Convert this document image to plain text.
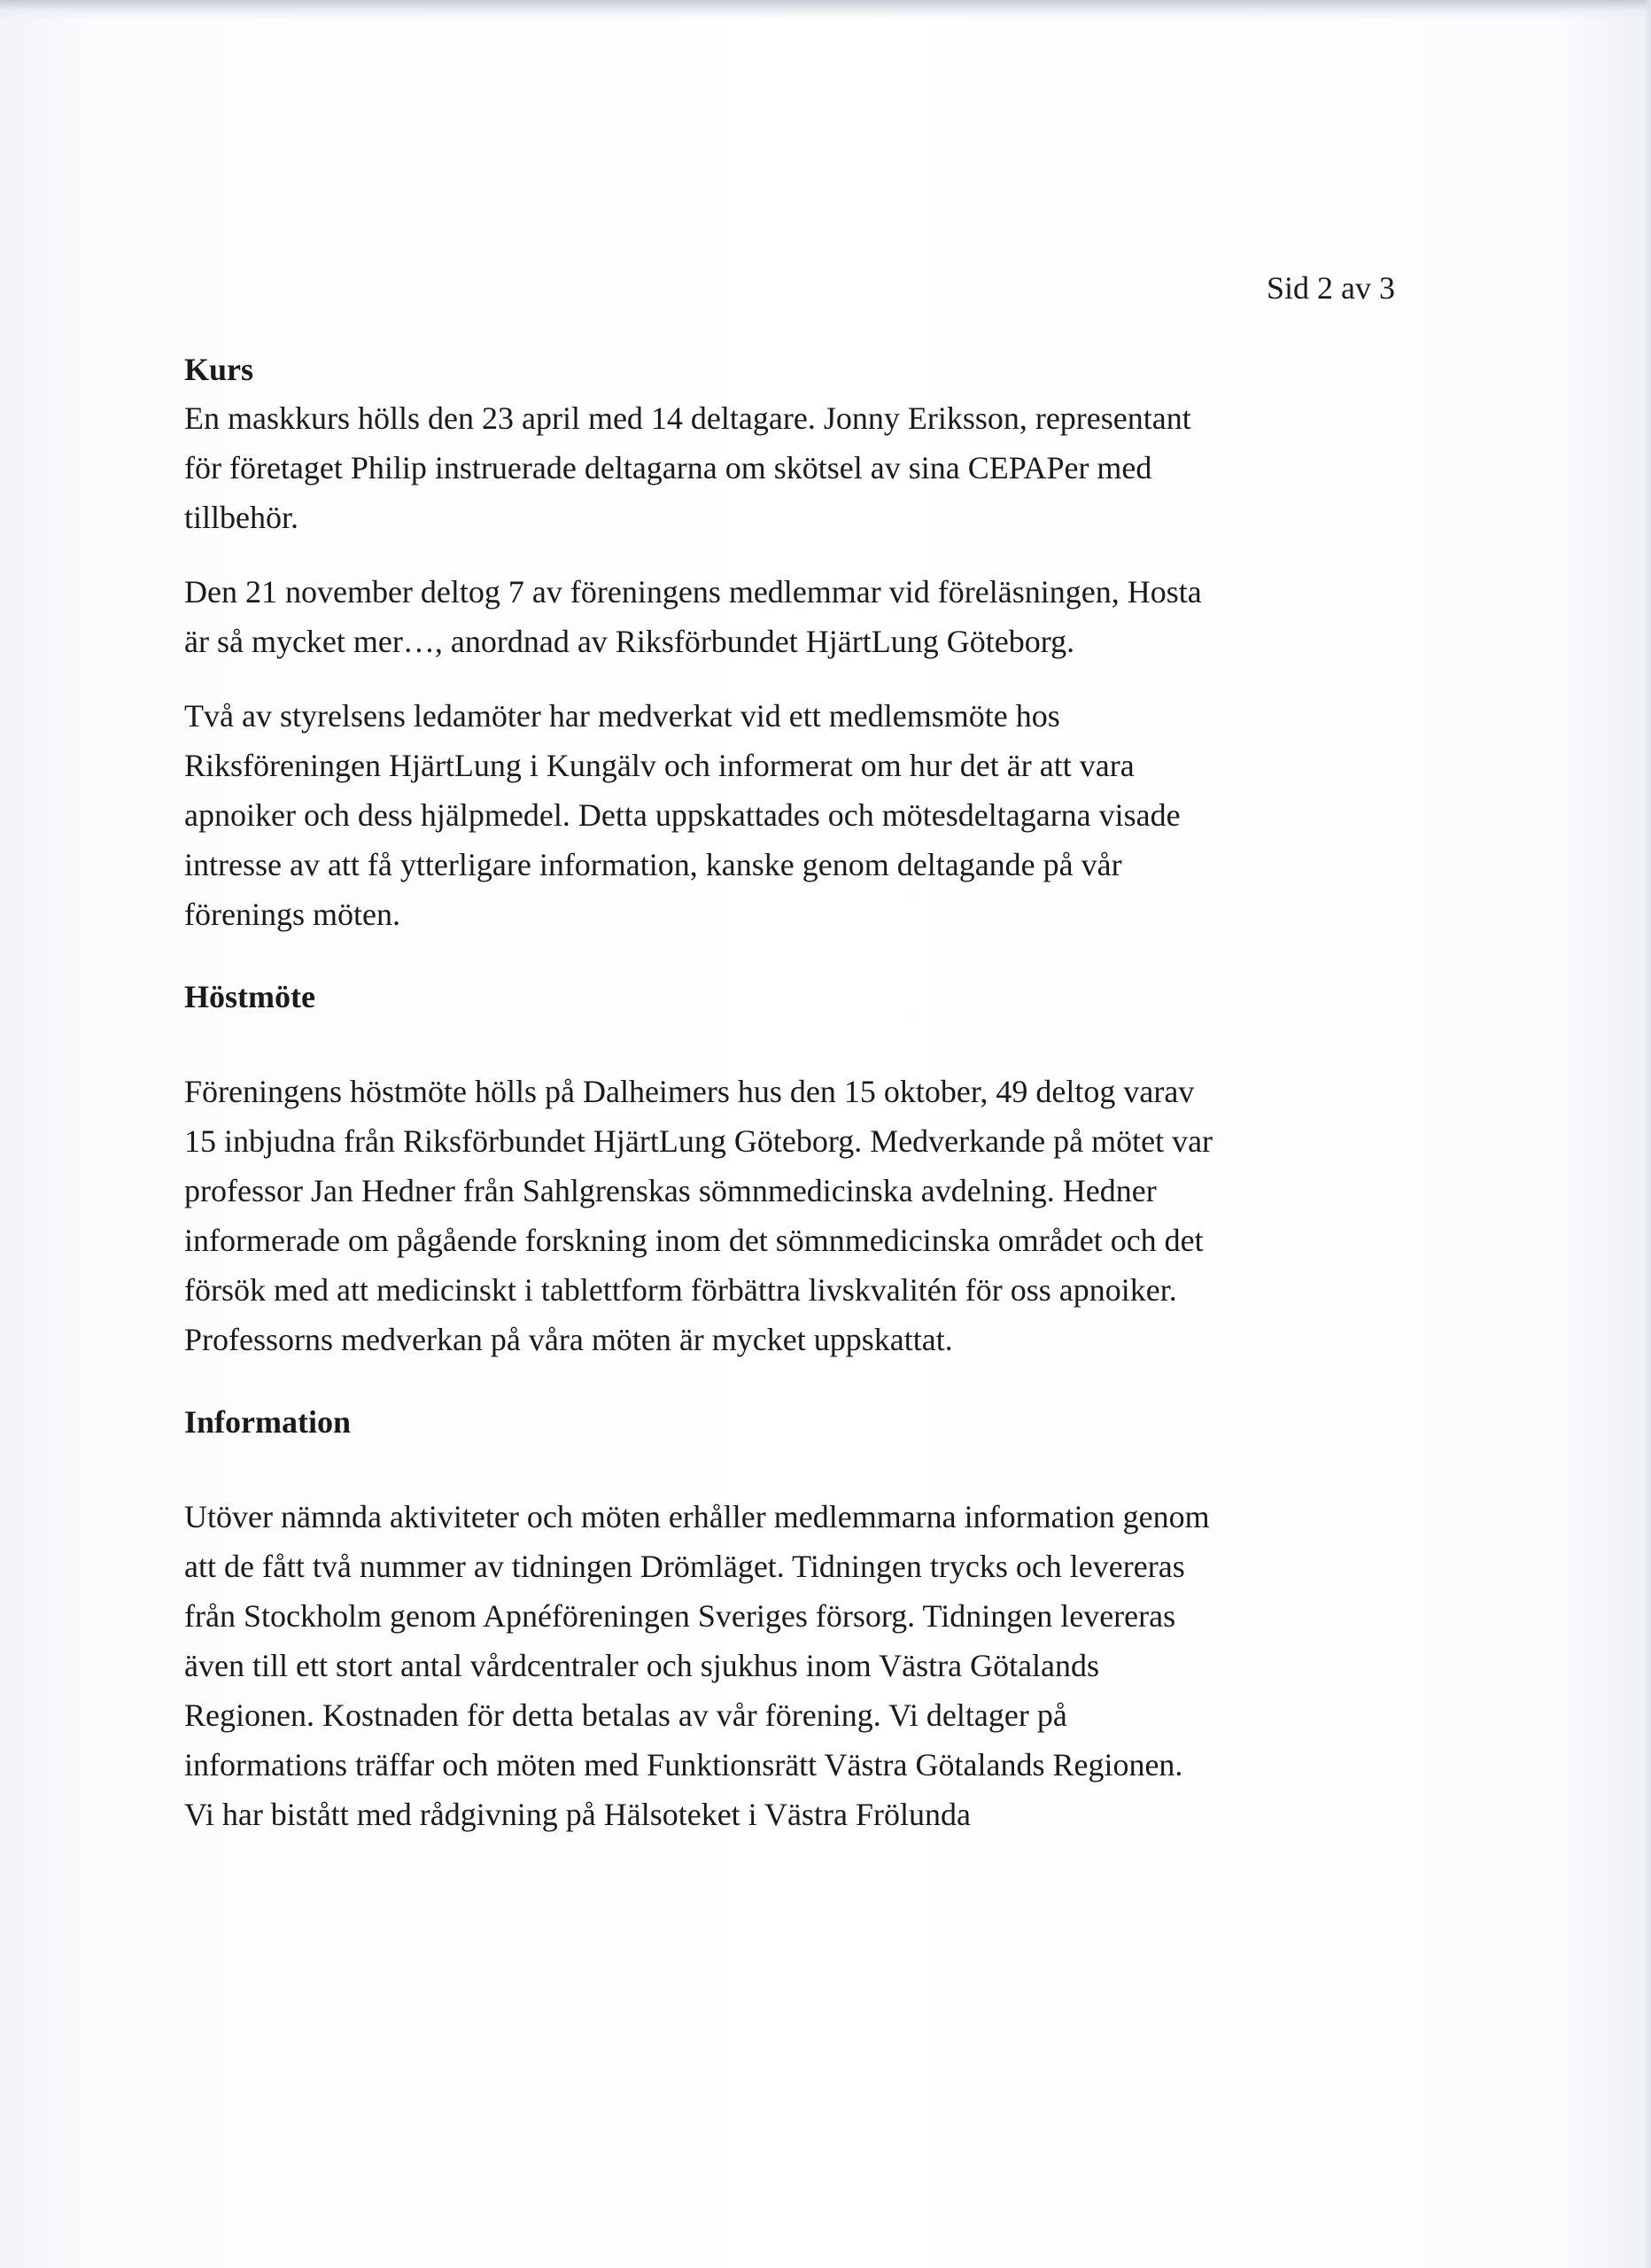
Sid 2 av 3
Kurs
En maskkurs hölls den 23 april med 14 deltagare. Jonny Eriksson, representant
för företaget Philip instruerade deltagarna om skötsel av sina CEPAPer med
tillbehör.
Den 21 november deltog 7 av föreningens medlemmar vid föreläsningen, Hosta
är så mycket mer…, anordnad av Riksförbundet HjärtLung Göteborg.
Två av styrelsens ledamöter har medverkat vid ett medlemsmöte hos
Riksföreningen HjärtLung i Kungälv och informerat om hur det är att vara
apnoiker och dess hjälpmedel. Detta uppskattades och mötesdeltagarna visade
intresse av att få ytterligare information, kanske genom deltagande på vår
förenings möten.
Höstmöte
Föreningens höstmöte hölls på Dalheimers hus den 15 oktober, 49 deltog varav
15 inbjudna från Riksförbundet HjärtLung Göteborg. Medverkande på mötet var
professor Jan Hedner från Sahlgrenskas sömnmedicinska avdelning. Hedner
informerade om pågående forskning inom det sömnmedicinska området och det
försök med att medicinskt i tablettform förbättra livskvalitén för oss apnoiker.
Professorns medverkan på våra möten är mycket uppskattat.
Information
Utöver nämnda aktiviteter och möten erhåller medlemmarna information genom
att de fått två nummer av tidningen Drömläget. Tidningen trycks och levereras
från Stockholm genom Apnéföreningen Sveriges försorg. Tidningen levereras
även till ett stort antal vårdcentraler och sjukhus inom Västra Götalands
Regionen. Kostnaden för detta betalas av vår förening. Vi deltager på
informations träffar och möten med Funktionsrätt Västra Götalands Regionen.
Vi har bistått med rådgivning på Hälsoteket i Västra Frölunda
